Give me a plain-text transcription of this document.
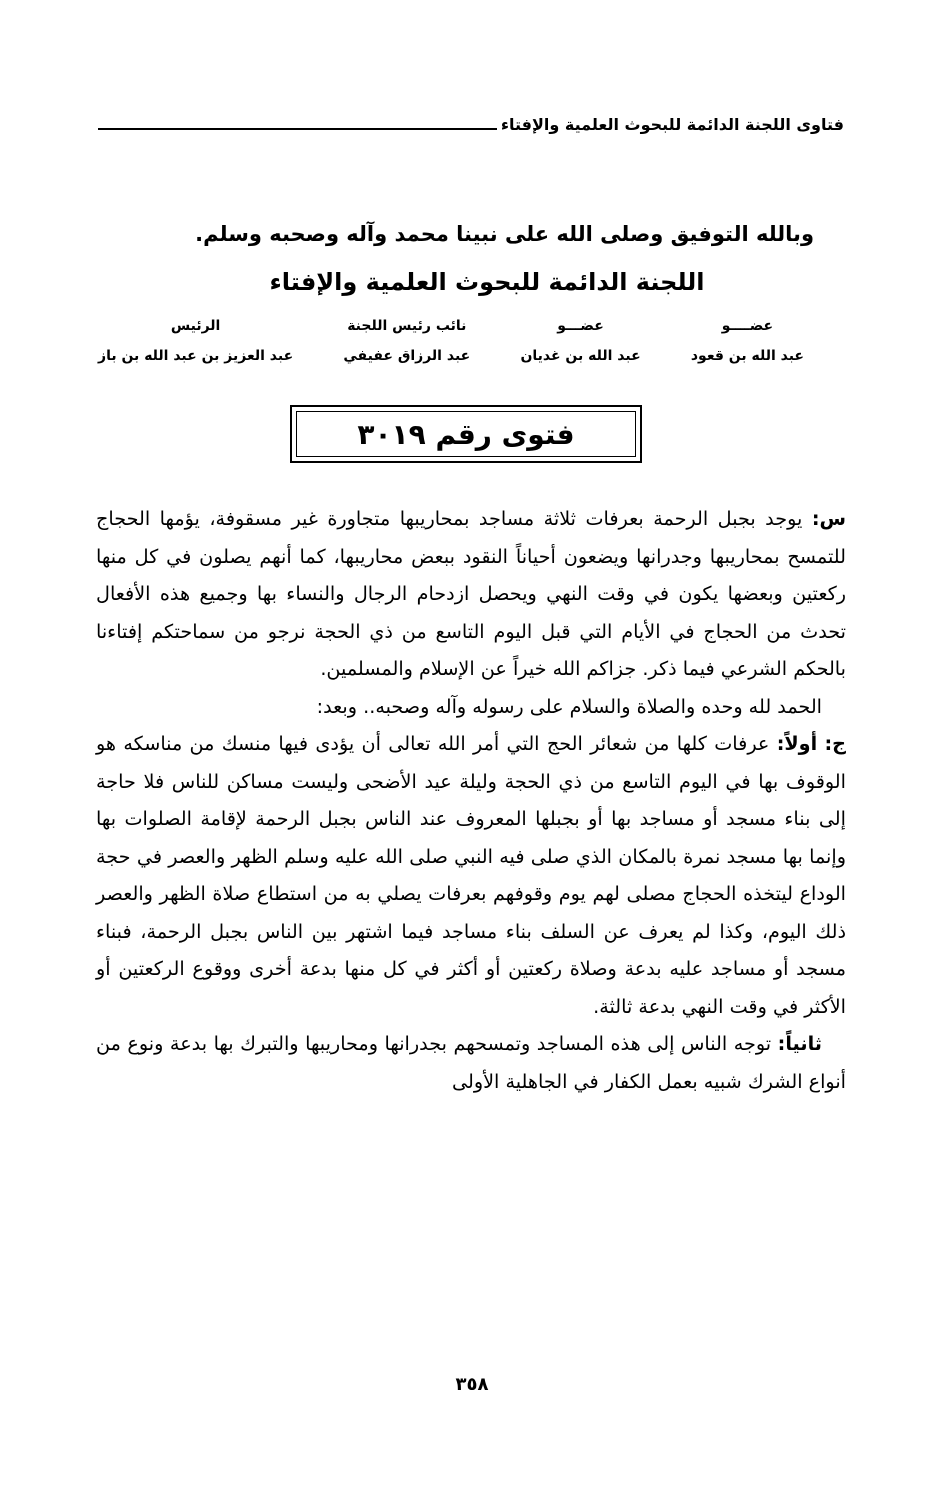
فتاوى اللجنة الدائمة للبحوث العلمية والإفتاء
وبالله التوفيق وصلى الله على نبينا محمد وآله وصحبه وسلم.
اللجنة الدائمة للبحوث العلمية والإفتاء
عضــــو
عبد الله بن قعود
عضـــو
عبد الله بن غديان
نائب رئيس اللجنة
عبد الرزاق عفيفي
الرئيس
عبد العزيز بن عبد الله بن باز
فتوى رقم ٣٠١٩

س: يوجد بجبل الرحمة بعرفات ثلاثة مساجد بمحاريبها متجاورة غير مسقوفة، يؤمها الحجاج للتمسح بمحاريبها وجدرانها ويضعون أحياناً النقود ببعض محاريبها، كما أنهم يصلون في كل منها ركعتين وبعضها يكون في وقت النهي ويحصل ازدحام الرجال والنساء بها وجميع هذه الأفعال تحدث من الحجاج في الأيام التي قبل اليوم التاسع من ذي الحجة نرجو من سماحتكم إفتاءنا بالحكم الشرعي فيما ذكر. جزاكم الله خيراً عن الإسلام والمسلمين.

الحمد لله وحده والصلاة والسلام على رسوله وآله وصحبه.. وبعد:

ج: أولاً: عرفات كلها من شعائر الحج التي أمر الله تعالى أن يؤدى فيها منسك من مناسكه هو الوقوف بها في اليوم التاسع من ذي الحجة وليلة عيد الأضحى وليست مساكن للناس فلا حاجة إلى بناء مسجد أو مساجد بها أو بجبلها المعروف عند الناس بجبل الرحمة لإقامة الصلوات بها وإنما بها مسجد نمرة بالمكان الذي صلى فيه النبي صلى الله عليه وسلم الظهر والعصر في حجة الوداع ليتخذه الحجاج مصلى لهم يوم وقوفهم بعرفات يصلي به من استطاع صلاة الظهر والعصر ذلك اليوم، وكذا لم يعرف عن السلف بناء مساجد فيما اشتهر بين الناس بجبل الرحمة، فبناء مسجد أو مساجد عليه بدعة وصلاة ركعتين أو أكثر في كل منها بدعة أخرى ووقوع الركعتين أو الأكثر في وقت النهي بدعة ثالثة.

ثانياً: توجه الناس إلى هذه المساجد وتمسحهم بجدرانها ومحاريبها والتبرك بها بدعة ونوع من أنواع الشرك شبيه بعمل الكفار في الجاهلية الأولى

٣٥٨
